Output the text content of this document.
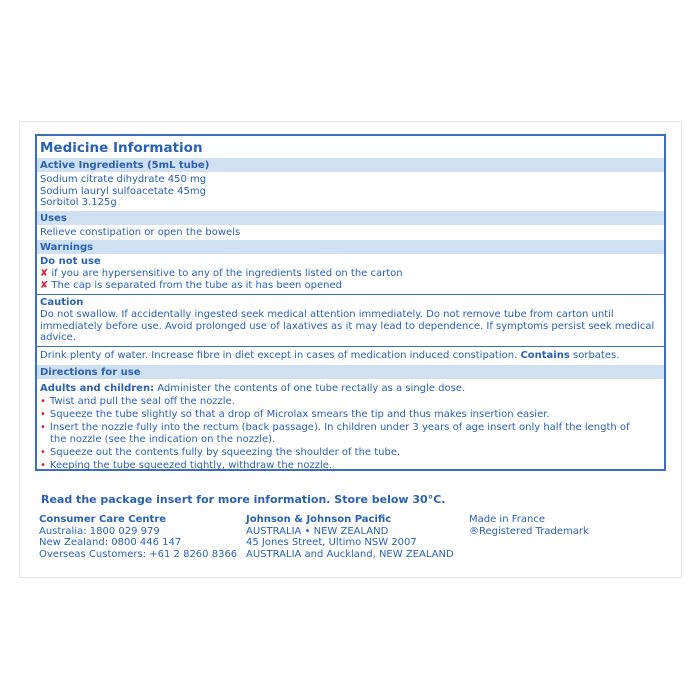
Medicine Information
Active Ingredients (5mL tube)
Sodium citrate dihydrate 450 mg
Sodium lauryl sulfoacetate 45mg
Sorbitol 3.125g
Uses
Relieve constipation or open the bowels
Warnings
Do not use
✘ if you are hypersensitive to any of the ingredients listed on the carton
✘ The cap is separated from the tube as it has been opened
Caution
Do not swallow. If accidentally ingested seek medical attention immediately. Do not remove tube from carton until immediately before use. Avoid prolonged use of laxatives as it may lead to dependence. If symptoms persist seek medical advice.
Drink plenty of water. Increase fibre in diet except in cases of medication induced constipation. Contains sorbates.
Directions for use
Adults and children: Administer the contents of one tube rectally as a single dose.
• Twist and pull the seal off the nozzle.
• Squeeze the tube slightly so that a drop of Microlax smears the tip and thus makes insertion easier.
• Insert the nozzle fully into the rectum (back passage). In children under 3 years of age insert only half the length of
the nozzle (see the indication on the nozzle).
• Squeeze out the contents fully by squeezing the shoulder of the tube.
• Keeping the tube squeezed tightly, withdraw the nozzle.
Read the package insert for more information. Store below 30°C.
Consumer Care Centre
Australia: 1800 029 979
New Zealand: 0800 446 147
Overseas Customers: +61 2 8260 8366
Johnson & Johnson Pacific
AUSTRALIA • NEW ZEALAND
45 Jones Street, Ultimo NSW 2007
AUSTRALIA and Auckland, NEW ZEALAND
Made in France
®Registered Trademark
